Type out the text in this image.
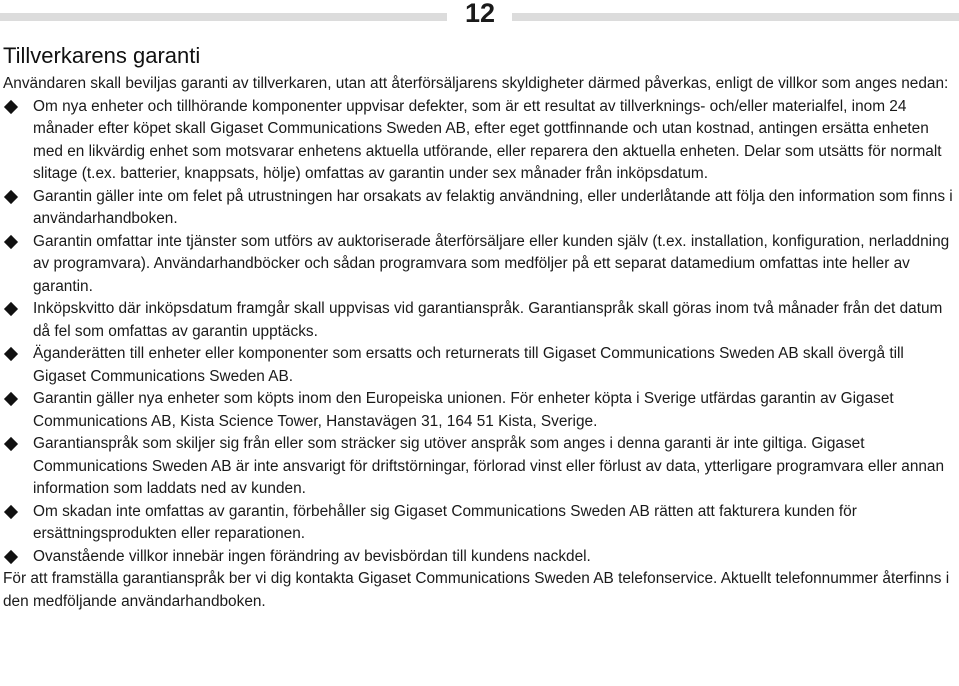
12
Tillverkarens garanti

Användaren skall beviljas garanti av tillverkaren, utan att återförsäljarens skyldigheter därmed påverkas, enligt de villkor som anges nedan:

Om nya enheter och tillhörande komponenter uppvisar defekter, som är ett resultat av tillverknings- och/eller materialfel, inom 24 månader efter köpet skall Gigaset Communications Sweden AB, efter eget gottfinnande och utan kostnad, antingen ersätta enheten med en likvärdig enhet som motsvarar enhetens aktuella utförande, eller reparera den aktuella enheten. Delar som utsätts för normalt slitage (t.ex. batterier, knappsats, hölje) omfattas av garantin under sex månader från inköpsdatum.
Garantin gäller inte om felet på utrustningen har orsakats av felaktig användning, eller underlåtande att följa den information som finns i användarhandboken.
Garantin omfattar inte tjänster som utförs av auktoriserade återförsäljare eller kunden själv (t.ex. installation, konfiguration, nerladdning av programvara). Användarhandböcker och sådan programvara som medföljer på ett separat datamedium omfattas inte heller av garantin.
Inköpskvitto där inköpsdatum framgår skall uppvisas vid garantianspråk. Garantianspråk skall göras inom två månader från det datum då fel som omfattas av garantin upptäcks.
Äganderätten till enheter eller komponenter som ersatts och returnerats till Gigaset Communications Sweden AB skall övergå till Gigaset Communications Sweden AB.
Garantin gäller nya enheter som köpts inom den Europeiska unionen. För enheter köpta i Sverige utfärdas garantin av Gigaset Communications AB, Kista Science Tower, Hanstavägen 31, 164 51 Kista, Sverige.
Garantianspråk som skiljer sig från eller som sträcker sig utöver anspråk som anges i denna garanti är inte giltiga. Gigaset Communications Sweden AB är inte ansvarigt för driftstörningar, förlorad vinst eller förlust av data, ytterligare programvara eller annan information som laddats ned av kunden.
Om skadan inte omfattas av garantin, förbehåller sig Gigaset Communications Sweden AB rätten att fakturera kunden för ersättningsprodukten eller reparationen.
Ovanstående villkor innebär ingen förändring av bevisbördan till kundens nackdel.

För att framställa garantianspråk ber vi dig kontakta Gigaset Communications Sweden AB telefonservice. Aktuellt telefonnummer återfinns i den medföljande användarhandboken.
